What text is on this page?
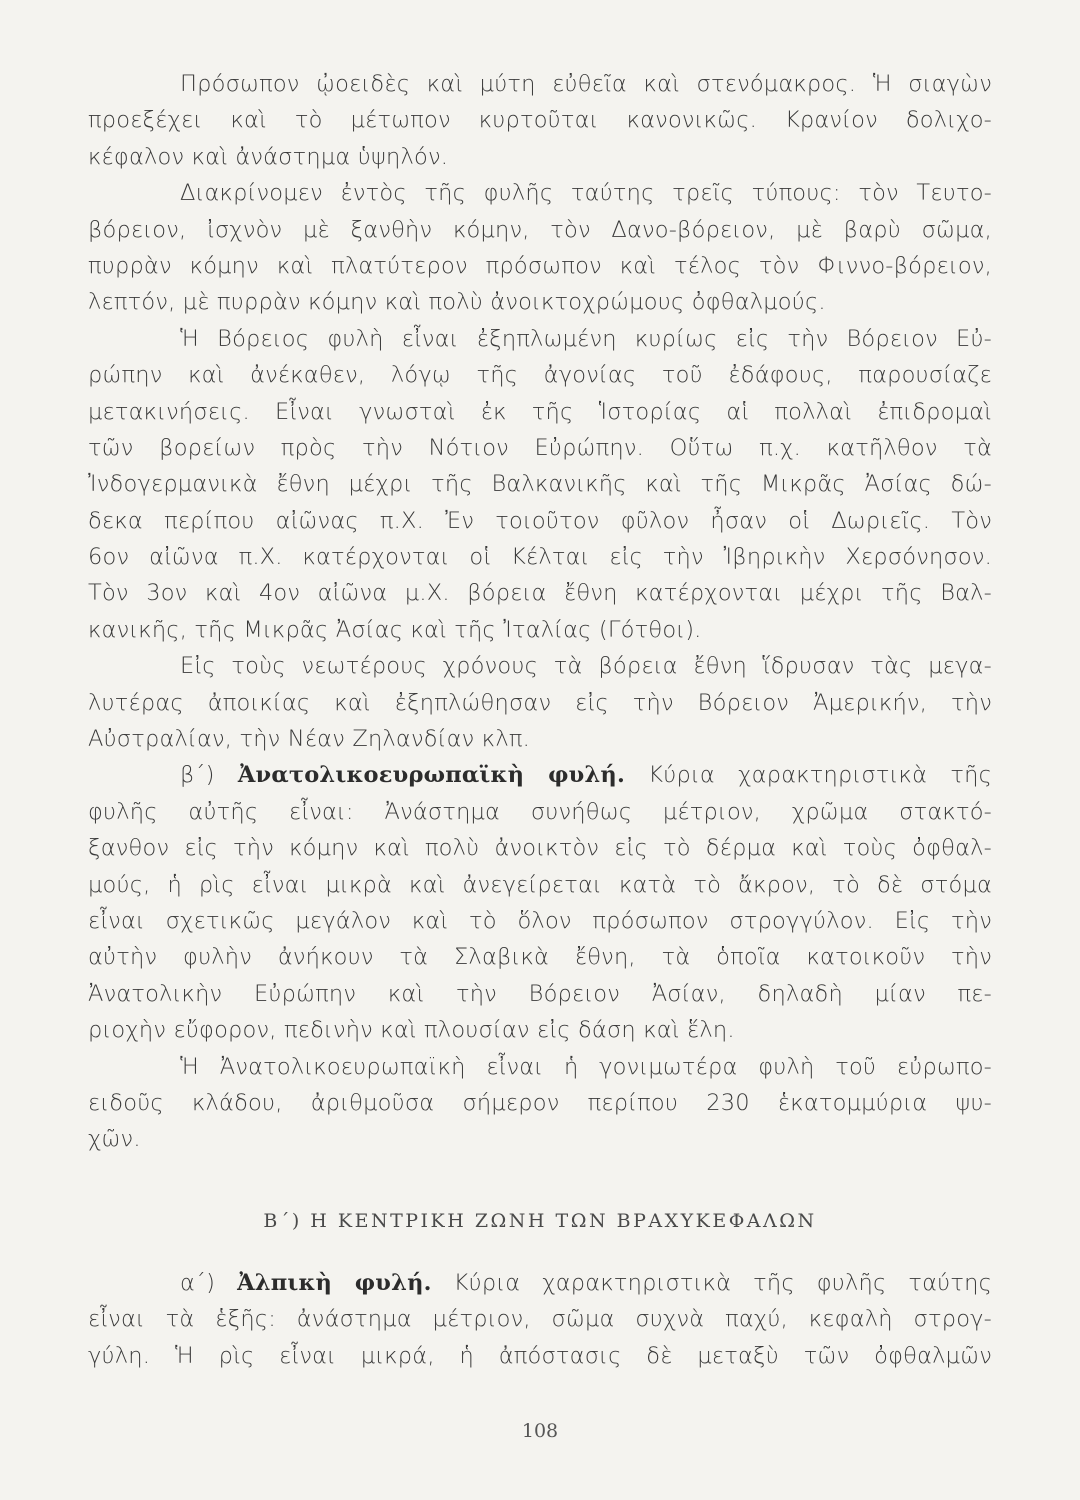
Πρόσωπον ᾠοειδὲς καὶ μύτη εὐθεῖα καὶ στενόμακρος. Ἡ σιαγὼν
προεξέχει καὶ τὸ μέτωπον κυρτοῦται κανονικῶς. Κρανίον δολιχο-
κέφαλον καὶ ἀνάστημα ὑψηλόν.
Διακρίνομεν ἐντὸς τῆς φυλῆς ταύτης τρεῖς τύπους: τὸν Τευτο-
βόρειον, ἰσχνὸν μὲ ξανθὴν κόμην, τὸν Δανο-βόρειον, μὲ βαρὺ σῶμα,
πυρρὰν κόμην καὶ πλατύτερον πρόσωπον καὶ τέλος τὸν Φιννο-βόρειον,
λεπτόν, μὲ πυρρὰν κόμην καὶ πολὺ ἀνοικτοχρώμους ὀφθαλμούς.
Ἡ Βόρειος φυλὴ εἶναι ἐξηπλωμένη κυρίως εἰς τὴν Βόρειον Εὐ-
ρώπην καὶ ἀνέκαθεν, λόγῳ τῆς ἀγονίας τοῦ ἐδάφους, παρουσίαζε
μετακινήσεις. Εἶναι γνωσταὶ ἐκ τῆς Ἱστορίας αἱ πολλαὶ ἐπιδρομαὶ
τῶν βορείων πρὸς τὴν Νότιον Εὐρώπην. Οὕτω π.χ. κατῆλθον τὰ
Ἰνδογερμανικὰ ἔθνη μέχρι τῆς Βαλκανικῆς καὶ τῆς Μικρᾶς Ἀσίας δώ-
δεκα περίπου αἰῶνας π.Χ. Ἐν τοιοῦτον φῦλον ἦσαν οἱ Δωριεῖς. Τὸν
6ον αἰῶνα π.Χ. κατέρχονται οἱ Κέλται εἰς τὴν Ἰβηρικὴν Χερσόνησον.
Τὸν 3ον καὶ 4ον αἰῶνα μ.Χ. βόρεια ἔθνη κατέρχονται μέχρι τῆς Βαλ-
κανικῆς, τῆς Μικρᾶς Ἀσίας καὶ τῆς Ἰταλίας (Γότθοι).
Εἰς τοὺς νεωτέρους χρόνους τὰ βόρεια ἔθνη ἵδρυσαν τὰς μεγα-
λυτέρας ἀποικίας καὶ ἐξηπλώθησαν εἰς τὴν Βόρειον Ἀμερικήν, τὴν
Αὐστραλίαν, τὴν Νέαν Ζηλανδίαν κλπ.
β΄) Ἀνατολικοευρωπαϊκὴ φυλή. Κύρια χαρακτηριστικὰ τῆς
φυλῆς αὐτῆς εἶναι: Ἀνάστημα συνήθως μέτριον, χρῶμα στακτό-
ξανθον εἰς τὴν κόμην καὶ πολὺ ἀνοικτὸν εἰς τὸ δέρμα καὶ τοὺς ὀφθαλ-
μούς, ἡ ρὶς εἶναι μικρὰ καὶ ἀνεγείρεται κατὰ τὸ ἄκρον, τὸ δὲ στόμα
εἶναι σχετικῶς μεγάλον καὶ τὸ ὅλον πρόσωπον στρογγύλον. Εἰς τὴν
αὐτὴν φυλὴν ἀνήκουν τὰ Σλαβικὰ ἔθνη, τὰ ὁποῖα κατοικοῦν τὴν
Ἀνατολικὴν Εὐρώπην καὶ τὴν Βόρειον Ἀσίαν, δηλαδὴ μίαν πε-
ριοχὴν εὔφορον, πεδινὴν καὶ πλουσίαν εἰς δάση καὶ ἕλη.
Ἡ Ἀνατολικοευρωπαϊκὴ εἶναι ἡ γονιμωτέρα φυλὴ τοῦ εὐρωπο-
ειδοῦς κλάδου, ἀριθμοῦσα σήμερον περίπου 230 ἑκατομμύρια ψυ-
χῶν.
Β΄) Η ΚΕΝΤΡΙΚΗ ΖΩΝΗ ΤΩΝ ΒΡΑΧΥΚΕΦΑΛΩΝ
α΄) Ἀλπικὴ φυλή. Κύρια χαρακτηριστικὰ τῆς φυλῆς ταύτης
εἶναι τὰ ἑξῆς: ἀνάστημα μέτριον, σῶμα συχνὰ παχύ, κεφαλὴ στρογ-
γύλη. Ἡ ρὶς εἶναι μικρά, ἡ ἀπόστασις δὲ μεταξὺ τῶν ὀφθαλμῶν
108
